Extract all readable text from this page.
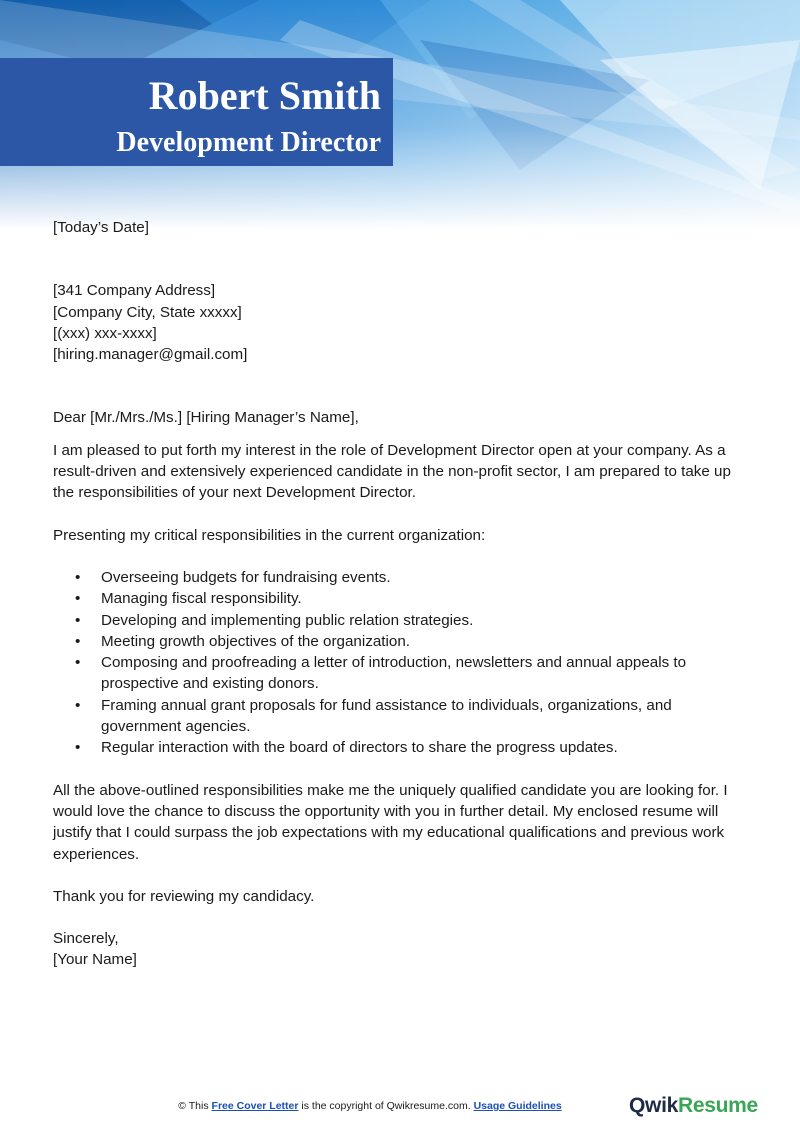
Robert Smith
Development Director

[Today’s Date]

[341 Company Address]

[Company City, State xxxxx]

[(xxx) xxx-xxxx]

[hiring.manager@gmail.com]

Dear [Mr./Mrs./Ms.] [Hiring Manager’s Name],

I am pleased to put forth my interest in the role of Development Director open at your company. As a result-driven and extensively experienced candidate in the non-profit sector, I am prepared to take up the responsibilities of your next Development Director.

Presenting my critical responsibilities in the current organization:

• Overseeing budgets for fundraising events.
• Managing fiscal responsibility.
• Developing and implementing public relation strategies.
• Meeting growth objectives of the organization.
• Composing and proofreading a letter of introduction, newsletters and annual appeals to prospective and existing donors.
• Framing annual grant proposals for fund assistance to individuals, organizations, and government agencies.
• Regular interaction with the board of directors to share the progress updates.

All the above-outlined responsibilities make me the uniquely qualified candidate you are looking for. I would love the chance to discuss the opportunity with you in further detail. My enclosed resume will justify that I could surpass the job expectations with my educational qualifications and previous work experiences.

Thank you for reviewing my candidacy.

Sincerely,

[Your Name]

© This Free Cover Letter is the copyright of Qwikresume.com. Usage Guidelines	QwikResume
